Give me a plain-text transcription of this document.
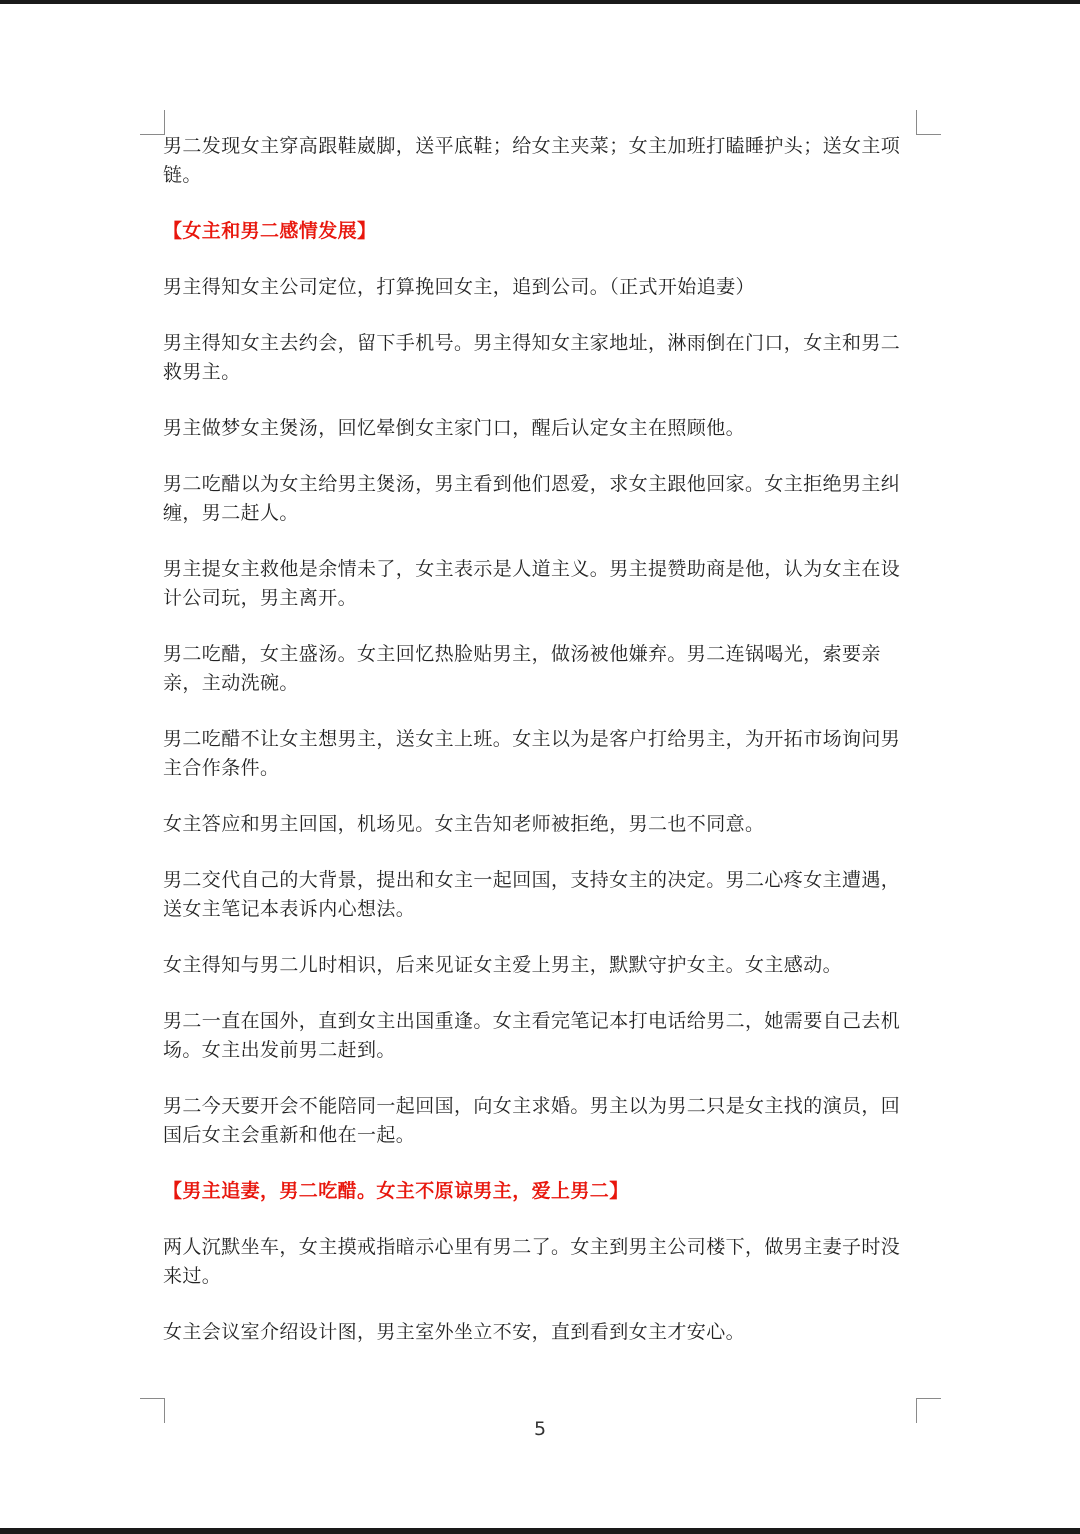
男二发现女主穿高跟鞋崴脚，送平底鞋；给女主夹菜；女主加班打瞌睡护头；送女主项链。

【女主和男二感情发展】

男主得知女主公司定位，打算挽回女主，追到公司。（正式开始追妻）

男主得知女主去约会，留下手机号。男主得知女主家地址，淋雨倒在门口，女主和男二救男主。

男主做梦女主煲汤，回忆晕倒女主家门口，醒后认定女主在照顾他。

男二吃醋以为女主给男主煲汤，男主看到他们恩爱，求女主跟他回家。女主拒绝男主纠缠，男二赶人。

男主提女主救他是余情未了，女主表示是人道主义。男主提赞助商是他，认为女主在设计公司玩，男主离开。

男二吃醋，女主盛汤。女主回忆热脸贴男主，做汤被他嫌弃。男二连锅喝光，索要亲亲，主动洗碗。

男二吃醋不让女主想男主，送女主上班。女主以为是客户打给男主，为开拓市场询问男主合作条件。

女主答应和男主回国，机场见。女主告知老师被拒绝，男二也不同意。

男二交代自己的大背景，提出和女主一起回国，支持女主的决定。男二心疼女主遭遇，送女主笔记本表诉内心想法。

女主得知与男二儿时相识，后来见证女主爱上男主，默默守护女主。女主感动。

男二一直在国外，直到女主出国重逢。女主看完笔记本打电话给男二，她需要自己去机场。女主出发前男二赶到。

男二今天要开会不能陪同一起回国，向女主求婚。男主以为男二只是女主找的演员，回国后女主会重新和他在一起。

【男主追妻，男二吃醋。女主不原谅男主，爱上男二】

两人沉默坐车，女主摸戒指暗示心里有男二了。女主到男主公司楼下，做男主妻子时没来过。

女主会议室介绍设计图，男主室外坐立不安，直到看到女主才安心。

5
